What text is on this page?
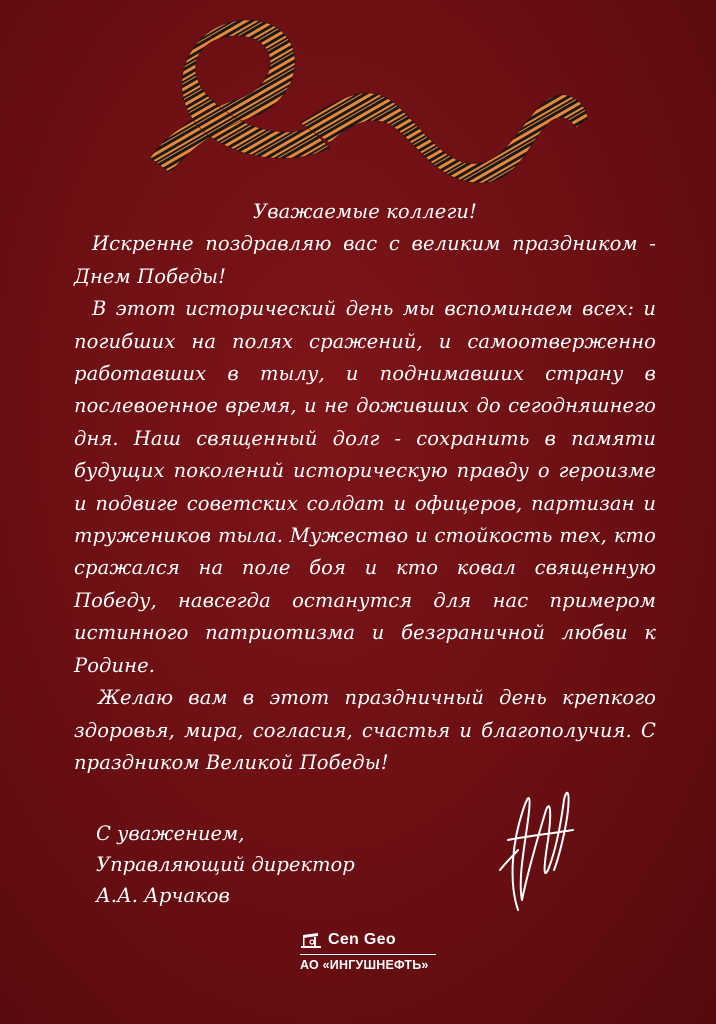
Уважаемые коллеги!

Искренне поздравляю вас с великим праздником - Днем Победы!

В этот исторический день мы вспоминаем всех: и погибших на полях сражений, и самоотверженно работавших в тылу, и поднимавших страну в послевоенное время, и не доживших до сегодняшнего дня. Наш священный долг - сохранить в памяти будущих поколений историческую правду о героизме и подвиге советских солдат и офицеров, партизан и тружеников тыла. Мужество и стойкость тех, кто сражался на поле боя и кто ковал священную Победу, навсегда останутся для нас примером истинного патриотизма и безграничной любви к Родине.

Желаю вам в этот праздничный день крепкого здоровья, мира, согласия, счастья и благополучия. С праздником Великой Победы!

С уважением,
Управляющий директор
А.А. Арчаков
Cen Geo
АО «ИНГУШНЕФТЬ»
